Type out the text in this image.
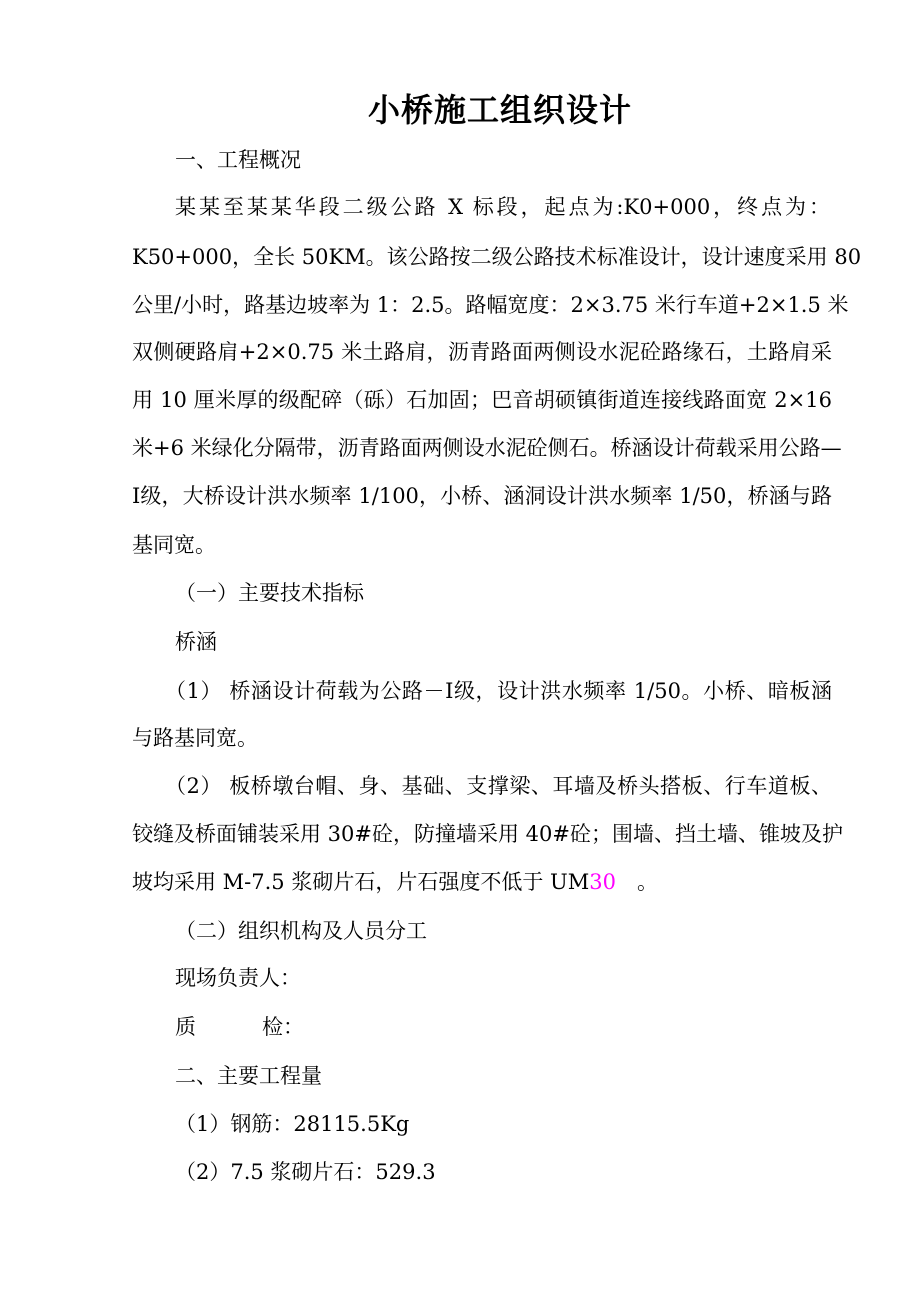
小桥施工组织设计
一、工程概况
某某至某某华段二级公路 X 标段，起点为:K0+000，终点为：
K50+000，全长 50KM。该公路按二级公路技术标准设计，设计速度采用 80
公里/小时，路基边坡率为 1：2.5。路幅宽度：2×3.75 米行车道+2×1.5 米
双侧硬路肩+2×0.75 米土路肩，沥青路面两侧设水泥砼路缘石，土路肩采
用 10 厘米厚的级配碎（砾）石加固；巴音胡硕镇街道连接线路面宽 2×16
米+6 米绿化分隔带，沥青路面两侧设水泥砼侧石。桥涵设计荷载采用公路—
Ⅰ级，大桥设计洪水频率 1/100，小桥、涵洞设计洪水频率 1/50，桥涵与路
基同宽。
（一）主要技术指标
桥涵
（1） 桥涵设计荷载为公路－Ⅰ级，设计洪水频率 1/50。小桥、暗板涵
与路基同宽。
（2） 板桥墩台帽、身、基础、支撑梁、耳墙及桥头搭板、行车道板、
铰缝及桥面铺装采用 30#砼，防撞墙采用 40#砼；围墙、挡土墙、锥坡及护
坡均采用 M-7.5 浆砌片石，片石强度不低于 UM30　。
（二）组织机构及人员分工
现场负责人：
质	检：
二、主要工程量
（1）钢筋：28115.5Kg
（2）7.5 浆砌片石：529.3
